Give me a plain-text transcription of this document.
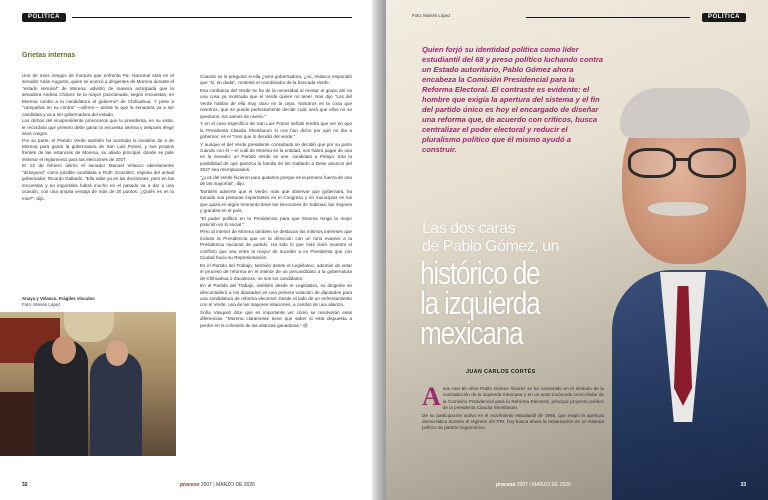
POLÍTICA
Grietas internas

Uno de esos riesgos de fractura que enfrenta Pa- Nacional está en el senador Adán Augusto, quien se acercó a dirigentes de Morena durante el "estado senorial" de Morena, advirtió de manera anticipada que la senadora Andrea Chávez se la mayor posicionada, según encuestas, en Morena rumbo a la candidatura al gobierno* de Chihuahua. Y pese a "campañas en su contra" —afirmó— desde la que la senadora va a ser candidata y va a ser gobernadora del estado.

Los dichos del vicepresidente provocaron que la presidenta, en su visita, le recordara que primero debe ganar la encuesta interna y después elegir esos cargos.

Por su parte, el Partido Verde también ha acortado la invasión de a de Morena para ganar la gobernatura de San Luis Potosí, y sus propios frentes de las estancias de Morena, su aliado principal, donde se pide eliminar el reglamento para las elecciones de 2027.

El 13 de febrero último el senador Manuel Velasco abiertamente "desayunó" como posible candidata a Ruth González, esposa del actual gobernador, Ricardo Gallardo. "Ella sabe ya en las decisiones, pero en las encuestas y no importaba habrá mucho en el pasado va a dar a una ocasión, con una amplia ventaja de más de 20 puntos. ¿Quién es es la mía?", dijo.

Cuando se le preguntó si ella ¿será gobernadora, ¿no, Velasco respondió que "sí, en duda", contestó el coordinador de la bancada Verde.

Esa confianza del Verde se ha de la necesidad al revisar al grupo ahí es una cosa ya mostrada que el Verde quiere no tener. Nos dijo "Los del Verde hablan de ella muy claro en la cepa. Nosotros es la cosa que nosotros, que se puede perfectamente decidir cuál, será que ellos no se quedaron, los vamos de nuevo."

Y en el caso específico de San Luis Potosí señaló tendrá que ver en que la Presidenta Claudia Sheinbaum sí nos han dicho por qué no iba a gobernar; es el "creo que lo decidió del verde."

Y aunque el del Verde presidente consultado se decidió que por su parte cuando con él —el cuál de Morena en la entidad, nos habrá pagar de una en la Senado; un Partido Verde se une, candidato a Pelayo. Esa la posibilidad de que parezca la familia de los Gallardo a Dese anuncio del 2027 sea reemplazados.

"¿Los del Verde hicieron para quitarles porque es la primera fuerza de una de las mayorías", dijo.

También advierte que el Verde, más que observar que gobernará, ha tomado sus posturas importantes en el Congreso y en municipios en los que quizá en algún momento tiene las elecciones de Sabinas, las mejores y grandes en el país.

"El poder político en la Presidencia para que Morena tenga la mejor posición en lo social."

Pero al interior de Morena también se destacan los mismos intereses que incluso la Presidencia que en la dirección con un tono evasivo a la Presidencia nacional de partido. Ha sido lo que más claro muestra el conflicto que sea entre la mayor de suceder a ex Presidenta que con Ciudad hacia su Representación.

Es el Partido del Trabajo, también desde el Legislativo, además de vetar el proceso de reforma en el interior de un precandidato a la gobernatura de Chihuahua o Zacatecas, no son los candidatos.

En el Partido del Trabajo, también desde el Legislativo, su dirigente se desconsideró a los diputados en una primera votación de diputados para una candidatura de reforma electoral. Desde el lado de un enfrentamiento con el Verde, una de las mayores relaciones, a cambio de una alianza.

Sofía Vásquez dice que es importante ver cómo se resolverán esas diferencias. "Morena claramente tiene que saber si está dispuesta a perder en la cohesión de las alianzas ganadoras." @

Anaya y Velasco. Frágiles vínculos
Foto: Moisés López
32	proceso 2007 | MARZO DE 2026
Foto: Moisés López	POLÍTICA
Quien forjó su identidad política como líder estudiantil del 68 y preso político luchando contra un Estado autoritario, Pablo Gómez ahora encabeza la Comisión Presidencial para la Reforma Electoral. El contraste es evidente: el hombre que exigía la apertura del sistema y el fin del partido único es hoy el encargado de diseñar una reforma que, de acuerdo con críticos, busca centralizar el poder electoral y reducir el pluralismo político que él mismo ayudó a construir.
Las dos caras
de Pablo Gómez, un
histórico de
la izquierda
mexicana
JUAN CARLOS CORTÉS

Asus casi 80 años Pablo Gómez Álvarez se ha convertido en el símbolo de la contradicción de la izquierda mexicana y en un actor incómodo como titular de la Comisión Presidencial para la Reforma Electoral, principal proyecto político de la presidenta Claudia Sheinbaum.

De su participación activa en el movimiento estudiantil de 1968, que exigió la apertura democrática durante el régimen del PRI, hoy busca ahora la restauración de un sistema político de partido hegemónico.

proceso 2007 | MARZO DE 2026	33
